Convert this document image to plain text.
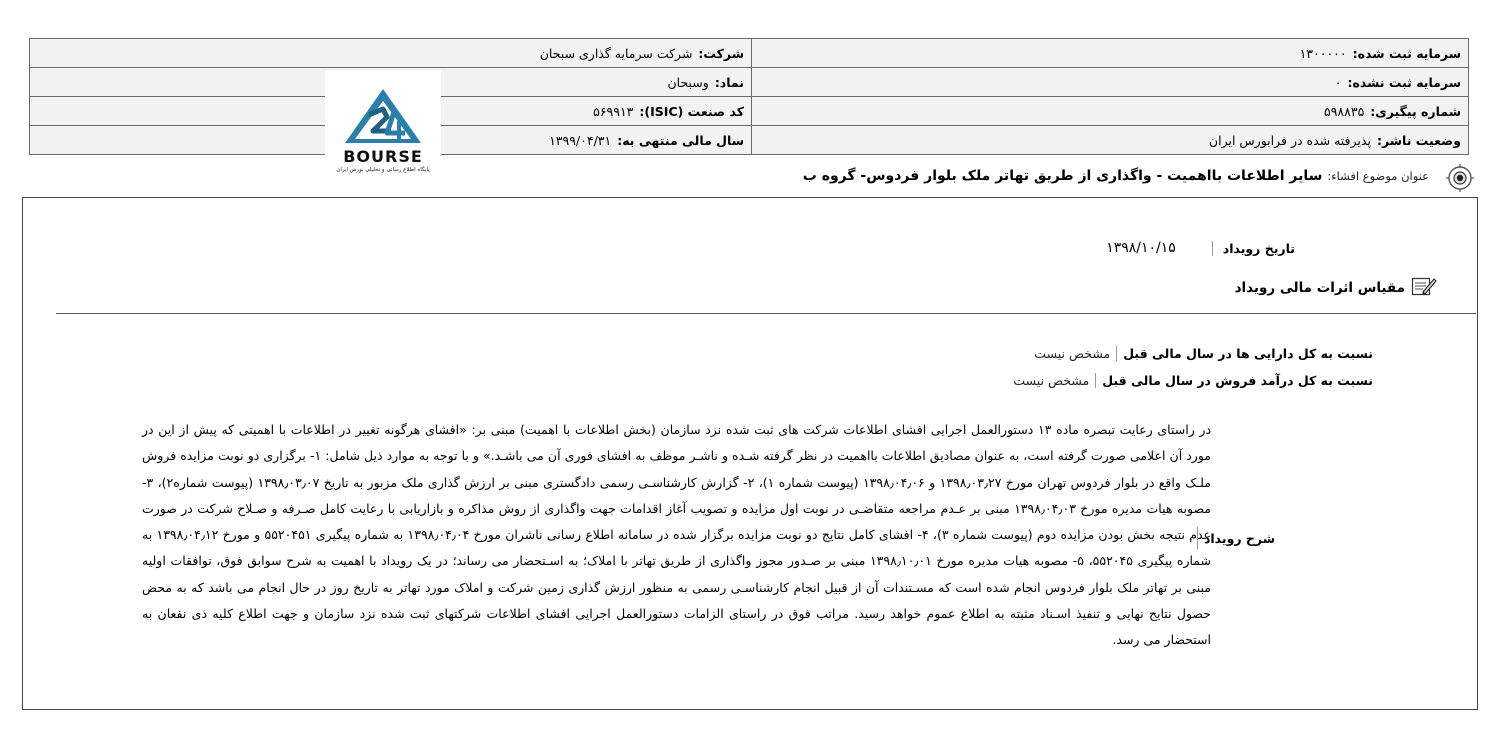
شرکت:شرکت سرمایه گذاری سبحان	سرمایه ثبت شده:۱۳۰۰۰۰۰
نماد:وسبحان	سرمایه ثبت نشده:۰
کد صنعت (ISIC):۵۶۹۹۱۳	شماره پیگیری:۵۹۸۸۳۵
سال مالی منتهی به:۱۳۹۹/۰۴/۳۱	وضعیت ناشر:پذیرفته شده در فرابورس ایران
BOURSE
پایگاه اطلاع رسانی و تحلیلی بورس ایران	عنوان موضوع افشاء:
سایر اطلاعات بااهمیت - واگذاری از طریق تهاتر ملک بلوار فردوس- گروه ب
تاریخ رویداد
۱۳۹۸/۱۰/۱۵
مقیاس اثرات مالی رویداد
نسبت به کل دارایی ها در سال مالی قبل
مشخص نیست
نسبت به کل درآمد فروش در سال مالی قبل
مشخص نیست
شرح رویداد
در راستای رعایت تبصره ماده ۱۳ دستورالعمل اجرایی افشای اطلاعات شرکت های ثبت شده نزد سازمان (بخش اطلاعات با اهمیت) مبنی بر: «افشای هرگونه تغییر در اطلاعات با اهمیتی که پیش از این در مورد آن اعلامی صورت گرفته است، به عنوان مصادیق اطلاعات بااهمیت در نظر گرفته شـده و ناشـر موظف به افشای فوری آن می باشـد.» و با توجه به موارد ذیل شامل: ۱- برگزاری دو نوبت مزایده فروش ملـک واقع در بلوار فردوس تهران مورخ ۱۳۹۸٫۰۳٫۲۷ و ۱۳۹۸٫۰۴٫۰۶ (پیوست شماره ۱)، ۲- گزارش کارشناسـی رسمی دادگستری مبنی بر ارزش گذاری ملک مزبور به تاریخ ۱۳۹۸٫۰۳٫۰۷ (پیوست شماره۲)، ۳- مصوبه هیات مدیره مورخ ۱۳۹۸٫۰۴٫۰۳ مبنی بر عـدم مراجعه متقاضـی در نوبت اول مزایده و تصویب آغاز اقدامات جهت واگذاری از روش مذاکره و بازاریابی با رعایت کامل صـرفه و صـلاح شرکت در صورت عدم نتیجه بخش بودن مزایده دوم (پیوست شماره ۳)، ۴- افشای کامل نتایج دو نوبت مزایده برگزار شده در سامانه اطلاع رسانی ناشران مورخ ۱۳۹۸٫۰۴٫۰۴ به شماره پیگیری ۵۵۲۰۴۵۱ و مورخ ۱۳۹۸٫۰۴٫۱۲ به شماره پیگیری ۵۵۲۰۴۵، ۵- مصوبه هیات مدیره مورخ ۱۳۹۸٫۱۰٫۰۱ مبنی بر صـدور مجوز واگذاری از طریق تهاتر با املاک؛ به اسـتحضار می رساند؛ در یک رویداد با اهمیت به شرح سوابق فوق، توافقات اولیه مبنی بر تهاتر ملک بلوار فردوس انجام شده است که مسـتندات آن از قبیل انجام کارشناسـی رسمی به منظور ارزش گذاری زمین شرکت و املاک مورد تهاتر به تاریخ روز در حال انجام می باشد که به محض حصول نتایج نهایی و تنفیذ اسـناد مثبته به اطلاع عموم خواهد رسید. مراتب فوق در راستای الزامات دستورالعمل اجرایی افشای اطلاعات شرکتهای ثبت شده نزد سازمان و جهت اطلاع کلیه ذی نفعان به استحضار می رسد.
